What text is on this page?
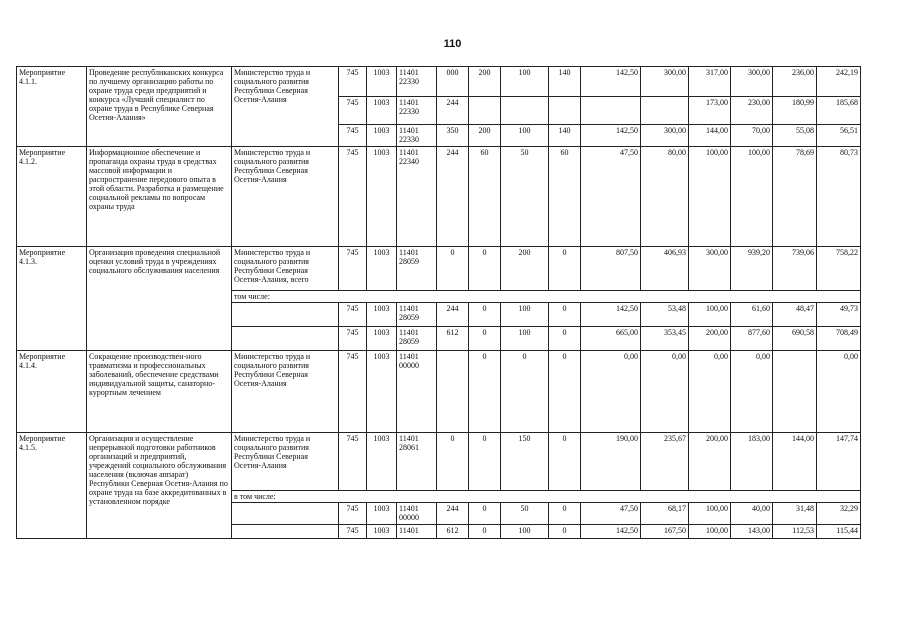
110
Мероприятие 4.1.1.	Проведение республиканских конкурса по лучшему организацию работы по охране труда среди предприятий и конкурса «Лучший специалист по охране труда в Республике Северная Осетия-Алания»	Министерство труда и социального развития Республики Северная Осетия-Алания	745	1003	11401 22330	000	200	100	140	142,50	300,00	317,00	300,00	236,00	242,19
			745	1003	11401 22330	244						173,00	230,00	180,99	185,68
			745	1003	11401 22330	350	200	100	140	142,50	300,00	144,00	70,00	55,08	56,51
Мероприятие 4.1.2.	Информационное обеспечение и пропаганда охраны труда в средствах массовой информации и распространение передового опыта в этой области. Разработка и размещение социальной рекламы по вопросам охраны труда	Министерство труда и социального развития Республики Северная Осетия-Алания	745	1003	11401 22340	244	60	50	60	47,50	80,00	100,00	100,00	78,69	80,73
Мероприятие 4.1.3.	Организация проведения специальной оценки условий труда в учреждениях социального обслуживания населения	Министерство труда и социального развития Республики Северная Осетия-Алания, всего	745	1003	11401 28059	0	0	200	0	807,50	406,93	300,00	939,20	739,06	758,22
		том числе:													
			745	1003	11401 28059	244	0	100	0	142,50	53,48	100,00	61,60	48,47	49,73
			745	1003	11401 28059	612	0	100	0	665,00	353,45	200,00	877,60	690,58	708,49
Мероприятие 4.1.4.	Сокращение производствен-ного травматизма и профессиональных заболеваний, обеспечение средствами индивидуальной защиты, санаторно-курортным лечением	Министерство труда и социального развития Республики Северная Осетия-Алания	745	1003	11401 00000		0	0	0	0,00	0,00	0,00	0,00		0,00
Мероприятие 4.1.5.	Организация и осуществление непрерывной подготовки работников организаций и предприятий, учреждений социального обслуживания населения (включая аппарат) Республики Северная Осетия-Алания по охране труда на базе аккредитованных в установленном порядке	Министерство труда и социального развития Республики Северная Осетия-Алания	745	1003	11401 28061	0	0	150	0	190,00	235,67	200,00	183,00	144,00	147,74
		в том числе:													
			745	1003	11401 00000	244	0	50	0	47,50	68,17	100,00	40,00	31,48	32,29
			745	1003	11401	612	0	100	0	142,50	167,50	100,00	143,00	112,53	115,44
